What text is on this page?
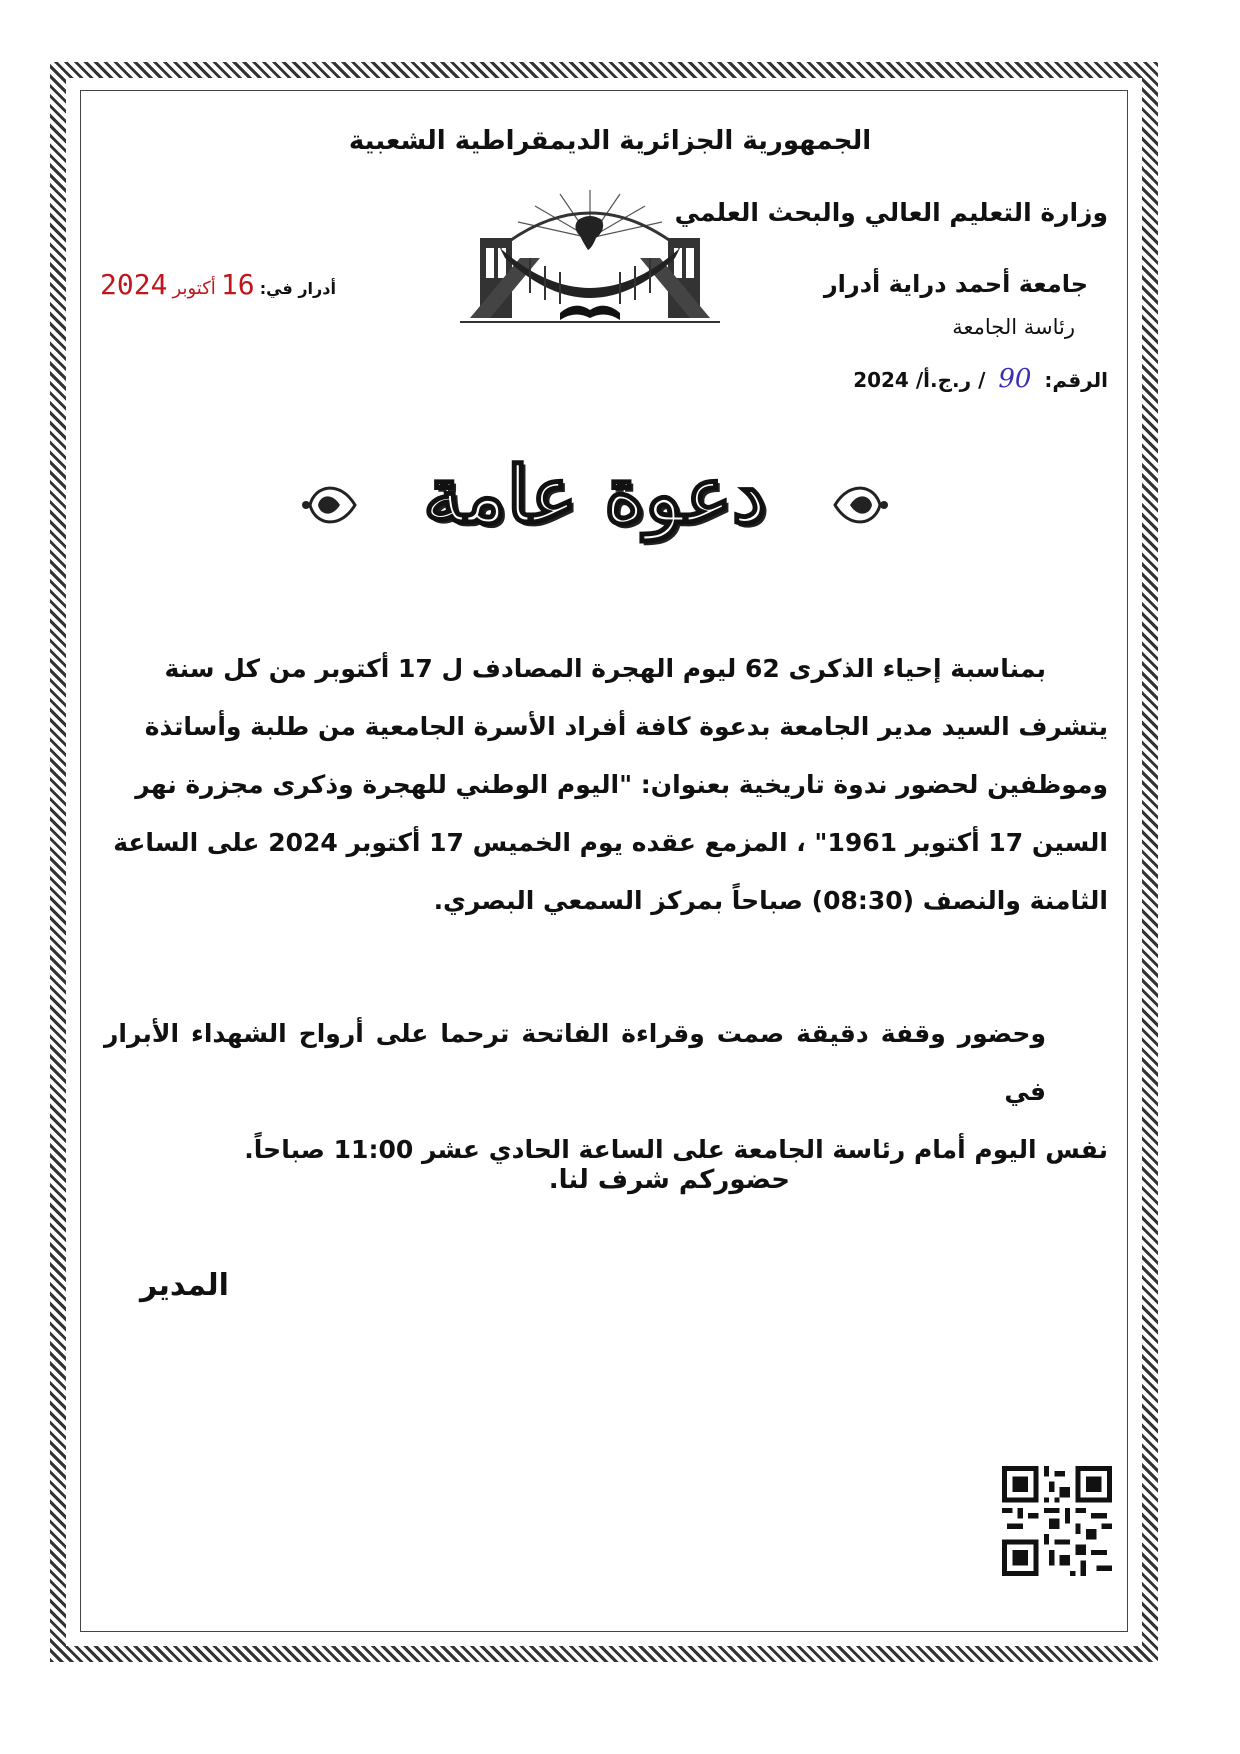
الجمهورية الجزائرية الديمقراطية الشعبية
وزارة التعليم العالي والبحث العلمي
جامعة أحمد دراية أدرار
رئاسة الجامعة
الرقم: 90 / ر.ج.أ/ 2024
أدرار في: 16 أكتوبر 2024
دعوة عامة

بمناسبة إحياء الذكرى 62 ليوم الهجرة المصادف ل 17 أكتوبر من كل سنة

يتشرف السيد مدير الجامعة بدعوة كافة أفراد الأسرة الجامعية من طلبة وأساتذة

وموظفين لحضور ندوة تاريخية بعنوان: "اليوم الوطني للهجرة وذكرى مجزرة نهر

السين 17 أكتوبر 1961" ، المزمع عقده يوم الخميس 17 أكتوبر 2024 على الساعة

الثامنة والنصف (08:30) صباحاً بمركز السمعي البصري.

وحضور وقفة دقيقة صمت وقراءة الفاتحة ترحما على أرواح الشهداء الأبرار في

نفس اليوم أمام رئاسة الجامعة على الساعة الحادي عشر 11:00 صباحاً.

حضوركم شرف لنا.
المدير
